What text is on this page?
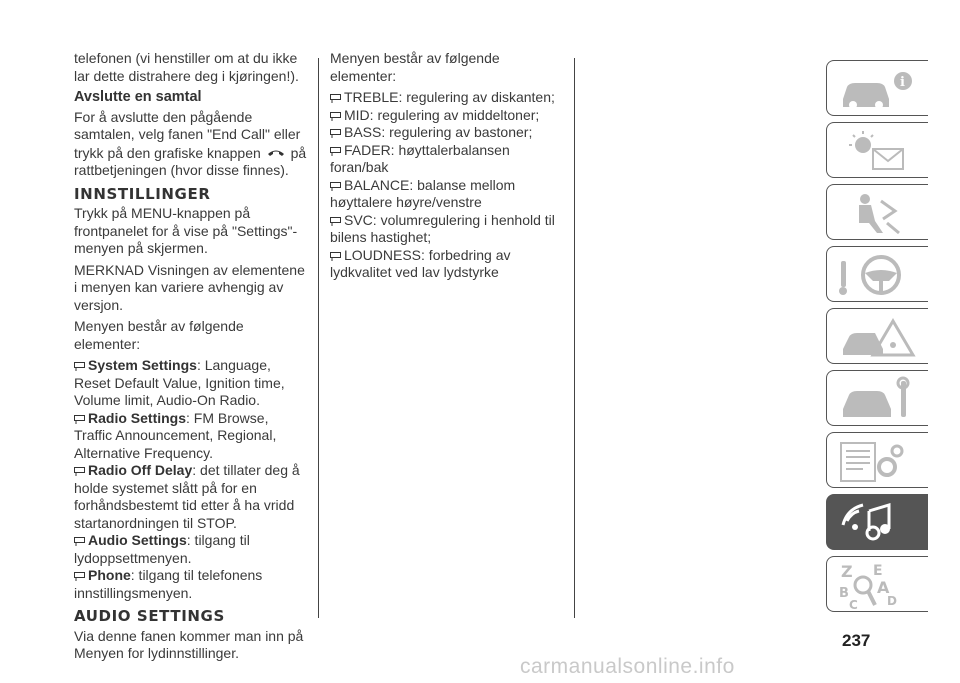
telefonen (vi henstiller om at du ikke lar dette distrahere deg i kjøringen!).

Avslutte en samtal

For å avslutte den pågående samtalen, velg fanen "End Call" eller trykk på den grafiske knappen på rattbetjeningen (hvor disse finnes).

INNSTILLINGER

Trykk på MENU-knappen på frontpanelet for å vise på "Settings"-menyen på skjermen.

MERKNAD Visningen av elementene i menyen kan variere avhengig av versjon.

Menyen består av følgende elementer:

System Settings: Language, Reset Default Value, Ignition time, Volume limit, Audio-On Radio.

Radio Settings: FM Browse, Traffic Announcement, Regional, Alternative Frequency.

Radio Off Delay: det tillater deg å holde systemet slått på for en forhåndsbestemt tid etter å ha vridd startanordningen til STOP.

Audio Settings: tilgang til lydoppsettmenyen.

Phone: tilgang til telefonens innstillingsmenyen.

AUDIO SETTINGS

Via denne fanen kommer man inn på Menyen for lydinnstillinger.

Menyen består av følgende elementer:

TREBLE: regulering av diskanten;

MID: regulering av middeltoner;

BASS: regulering av bastoner;

FADER: høyttalerbalansen foran/bak

BALANCE: balanse mellom høyttalere høyre/venstre

SVC: volumregulering i henhold til bilens hastighet;

LOUDNESS: forbedring av lydkvalitet ved lav lydstyrke

i
Z E
B A
C D
237
carmanualsonline.info
